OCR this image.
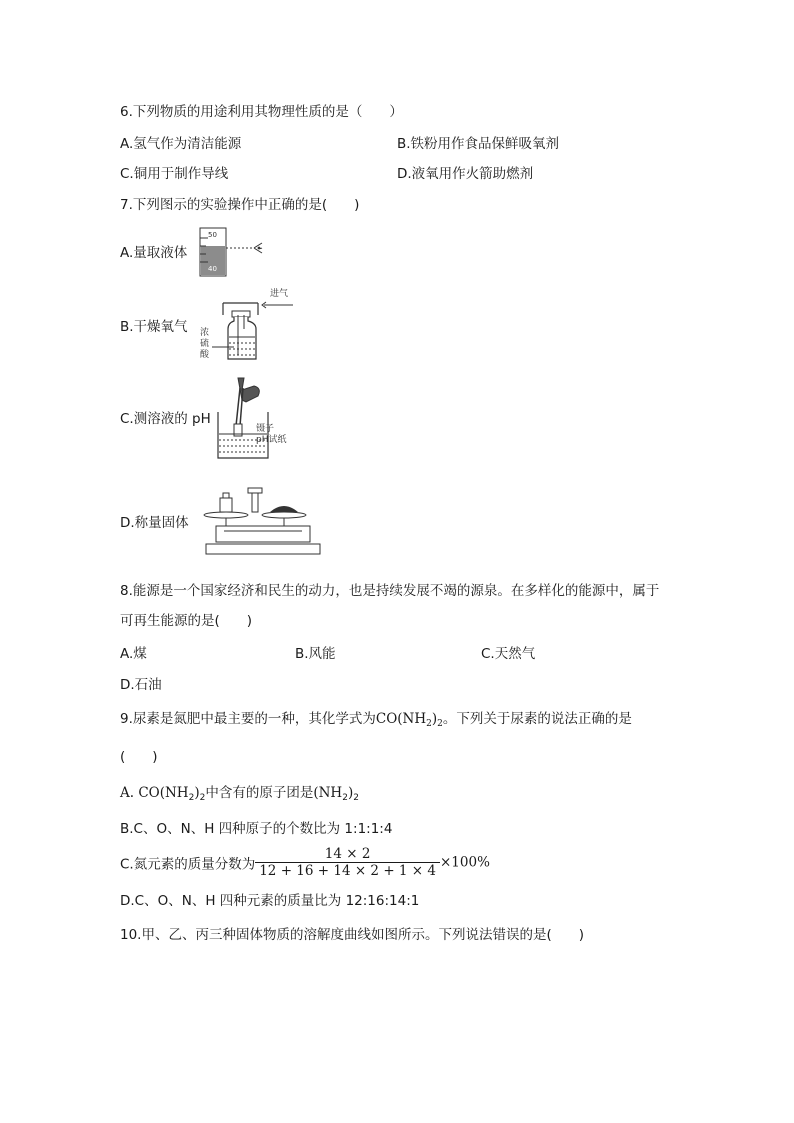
6.下列物质的用途利用其物理性质的是（　　）
A.氢气作为清洁能源	B.铁粉用作食品保鲜吸氧剂
C.铜用于制作导线	D.液氧用作火箭助燃剂
7.下列图示的实验操作中正确的是(　　)
A.量取液体
50
40
B.干燥氧气
进气
浓
硫
酸
C.测溶液的 pH
镊子
pH试纸
D.称量固体
8.能源是一个国家经济和民生的动力，也是持续发展不竭的源泉。在多样化的能源中，属于
可再生能源的是(　　)
A.煤	B.风能	C.天然气
D.石油
9.尿素是氮肥中最主要的一种，其化学式为$CO(NH_2)_2$。下列关于尿素的说法正确的是
(　　)
A. $CO(NH_2)_2$中含有的原子团是$(NH_2)_2$
B.C、O、N、H 四种原子的个数比为 1:1:1:4
C.氮元素的质量分数为 $\frac{14 \times 2}{12 + 16 + 14 \times 2 + 1 \times 4} \times 100\%$
D.C、O、N、H 四种元素的质量比为 12:16:14:1
10.甲、乙、丙三种固体物质的溶解度曲线如图所示。下列说法错误的是(　　)
